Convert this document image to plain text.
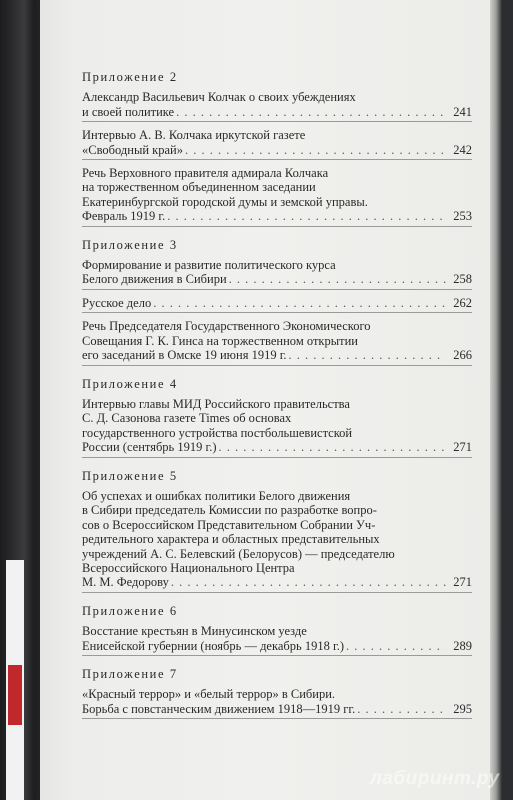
Приложение 2
Александр Васильевич Колчак о своих убеждениях
и своей политике . . .	241
Интервью А. В. Колчака иркутской газете
«Свободный край» . . .	242
Речь Верховного правителя адмирала Колчака
на торжественном объединенном заседании
Екатеринбургской городской думы и земской управы.
Февраль 1919 г. . . .	253
Приложение 3
Формирование и развитие политического курса
Белого движения в Сибири . . .	258
Русское дело . . .	262
Речь Председателя Государственного Экономического
Совещания Г. К. Гинса на торжественном открытии
его заседаний в Омске 19 июня 1919 г. . . .	266
Приложение 4
Интервью главы МИД Российского правительства
С. Д. Сазонова газете Times об основах
государственного устройства постбольшевистской
России (сентябрь 1919 г.) . . .	271
Приложение 5
Об успехах и ошибках политики Белого движения
в Сибири председатель Комиссии по разработке вопро-
сов о Всероссийском Представительном Собрании Уч-
редительного характера и областных представительных
учреждений А. С. Белевский (Белорусов) — председателю
Всероссийского Национального Центра
М. М. Федорову . . .	271
Приложение 6
Восстание крестьян в Минусинском уезде
Енисейской губернии (ноябрь — декабрь 1918 г.) . . .	289
Приложение 7
«Красный террор» и «белый террор» в Сибири.
Борьба с повстанческим движением 1918—1919 гг. . . .	295
лабиринт.ру
